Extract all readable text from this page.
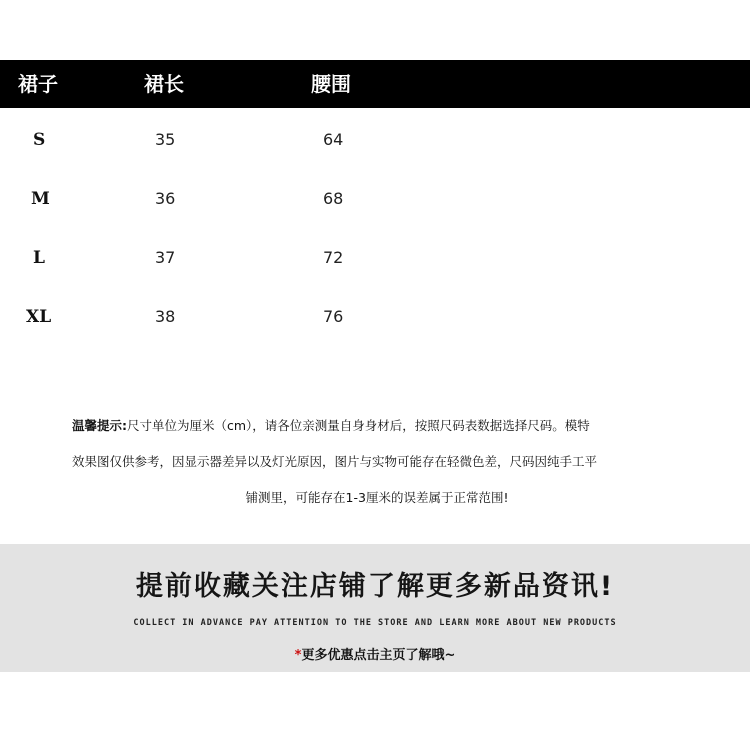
裙子	裙长	腰围
S	35	64
M	36	68
L	37	72
XL	38	76
温馨提示:尺寸单位为厘米（cm），请各位亲测量自身身材后，按照尺码表数据选择尺码。模特
效果图仅供参考，因显示器差异以及灯光原因，图片与实物可能存在轻微色差，尺码因纯手工平
铺测里，可能存在1-3厘米的误差属于正常范围!
提前收藏关注店铺了解更多新品资讯!
COLLECT IN ADVANCE PAY ATTENTION TO THE STORE AND LEARN MORE ABOUT NEW PRODUCTS
*更多优惠点击主页了解哦~
